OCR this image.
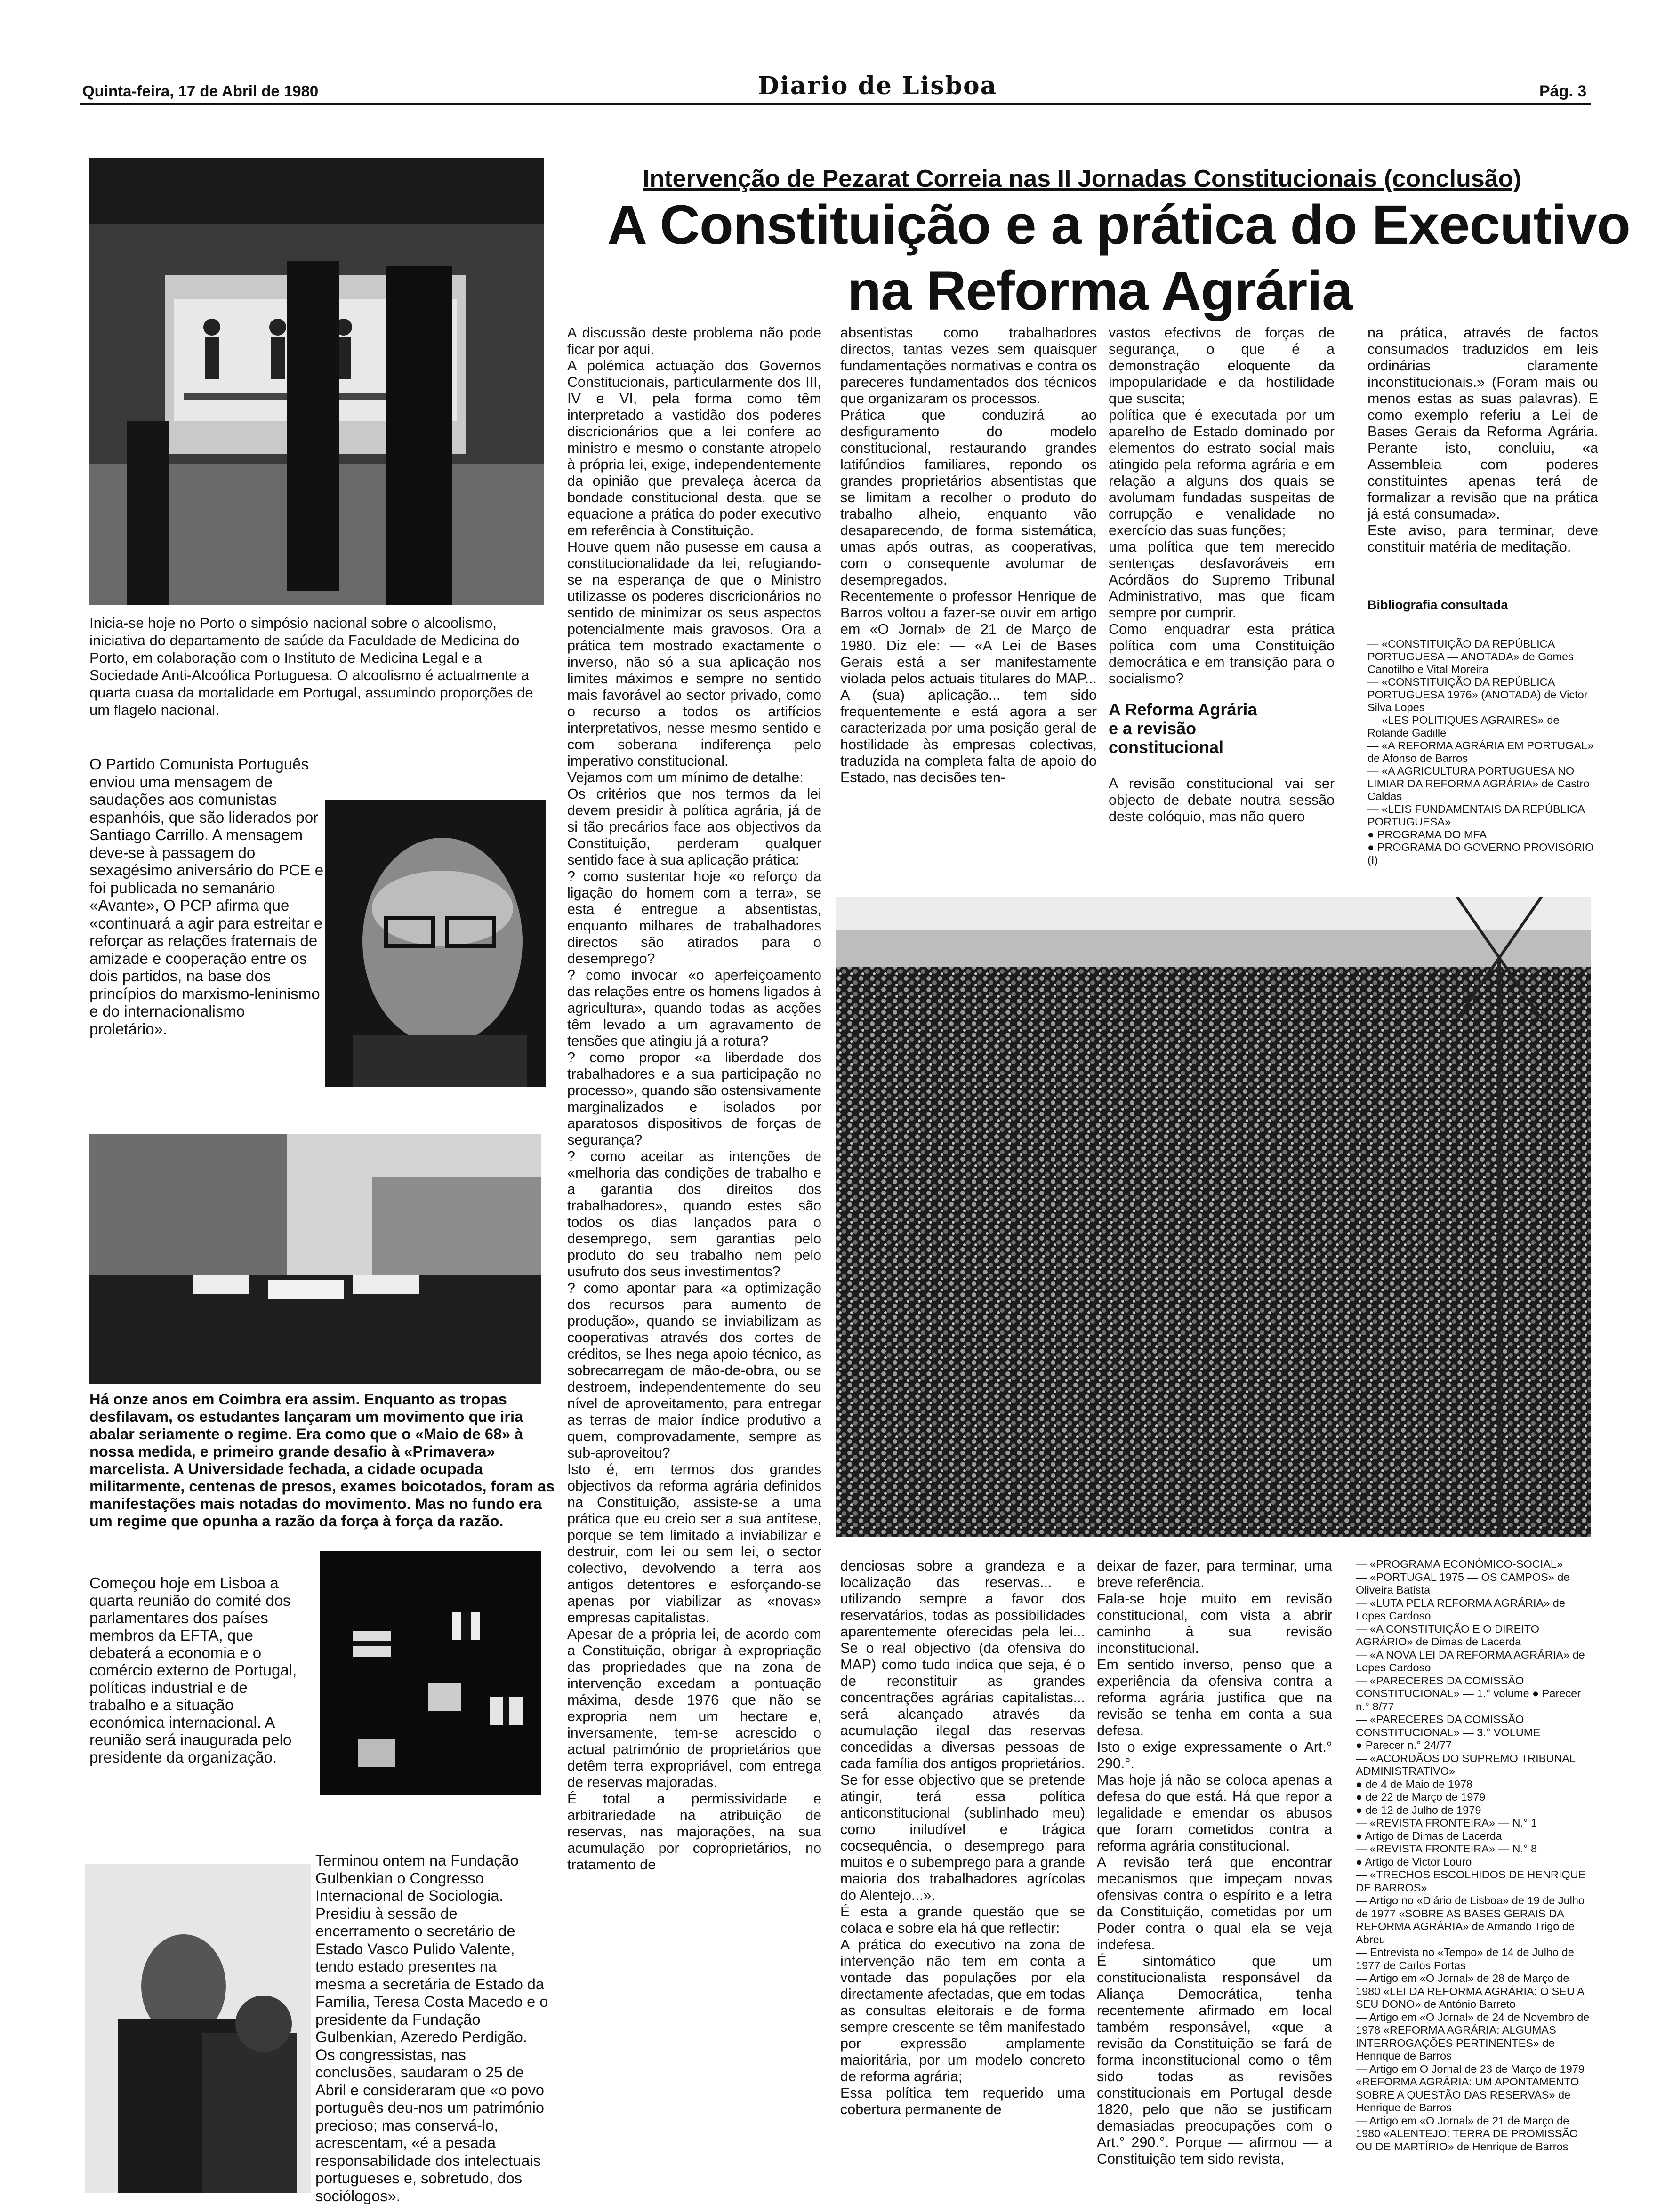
Quinta-feira, 17 de Abril de 1980	Diario de Lisboa	Pág. 3
Inicia-se hoje no Porto o simpósio nacional sobre o alcoolismo, iniciativa do departamento de saúde da Faculdade de Medicina do Porto, em colaboração com o Instituto de Medicina Legal e a Sociedade Anti-Alcoólica Portuguesa. O alcoolismo é actualmente a quarta cuasa da mortalidade em Portugal, assumindo proporções de um flagelo nacional.
O Partido Comunista Português enviou uma mensagem de saudações aos comunistas espanhóis, que são liderados por Santiago Carrillo. A mensagem deve-se à passagem do sexagésimo aniversário do PCE e foi publicada no semanário «Avante», O PCP afirma que «continuará a agir para estreitar e reforçar as relações fraternais de amizade e cooperação entre os dois partidos, na base dos princípios do marxismo-leninismo e do internacionalismo proletário».
Há onze anos em Coimbra era assim. Enquanto as tropas desfilavam, os estudantes lançaram um movimento que iria abalar seriamente o regime. Era como que o «Maio de 68» à nossa medida, e primeiro grande desafio à «Primavera» marcelista. A Universidade fechada, a cidade ocupada militarmente, centenas de presos, exames boicotados, foram as manifestações mais notadas do movimento. Mas no fundo era um regime que opunha a razão da força à força da razão.
Começou hoje em Lisboa a quarta reunião do comité dos parlamentares dos países membros da EFTA, que debaterá a economia e o comércio externo de Portugal, políticas industrial e de trabalho e a situação económica internacional. A reunião será inaugurada pelo presidente da organização.
Terminou ontem na Fundação Gulbenkian o Congresso Internacional de Sociologia. Presidiu à sessão de encerramento o secretário de Estado Vasco Pulido Valente, tendo estado presentes na mesma a secretária de Estado da Família, Teresa Costa Macedo e o presidente da Fundação Gulbenkian, Azeredo Perdigão. Os congressistas, nas conclusões, saudaram o 25 de Abril e consideraram que «o povo português deu-nos um património precioso; mas conservá-lo, acrescentam, «é a pesada responsabilidade dos intelectuais portugueses e, sobretudo, dos sociólogos».
Intervenção de Pezarat Correia nas II Jornadas Constitucionais (conclusão)
A Constituição e a prática do Executivo
na Reforma Agrária

A discussão deste problema não pode ficar por aqui.
A polémica actuação dos Governos Constitucionais, particularmente dos III, IV e VI, pela forma como têm interpretado a vastidão dos poderes discricionários que a lei confere ao ministro e mesmo o constante atropelo à própria lei, exige, independentemente da opinião que prevaleça àcerca da bondade constitucional desta, que se equacione a prática do poder executivo em referência à Constituição.
Houve quem não pusesse em causa a constitucionalidade da lei, refugiando-se na esperança de que o Ministro utilizasse os poderes discricionários no sentido de minimizar os seus aspectos potencialmente mais gravosos. Ora a prática tem mostrado exactamente o inverso, não só a sua aplicação nos limites máximos e sempre no sentido mais favorável ao sector privado, como o recurso a todos os artifícios interpretativos, nesse mesmo sentido e com soberana indiferença pelo imperativo constitucional.
Vejamos com um mínimo de detalhe:
Os critérios que nos termos da lei devem presidir à política agrária, já de si tão precários face aos objectivos da Constituição, perderam qualquer sentido face à sua aplicação prática:
? como sustentar hoje «o reforço da ligação do homem com a terra», se esta é entregue a absentistas, enquanto milhares de trabalhadores directos são atirados para o desemprego?
? como invocar «o aperfeiçoamento das relações entre os homens ligados à agricultura», quando todas as acções têm levado a um agravamento de tensões que atingiu já a rotura?
? como propor «a liberdade dos trabalhadores e a sua participação no processo», quando são ostensivamente marginalizados e isolados por aparatosos dispositivos de forças de segurança?
? como aceitar as intenções de «melhoria das condições de trabalho e a garantia dos direitos dos trabalhadores», quando estes são todos os dias lançados para o desemprego, sem garantias pelo produto do seu trabalho nem pelo usufruto dos seus investimentos?
? como apontar para «a optimização dos recursos para aumento de produção», quando se inviabilizam as cooperativas através dos cortes de créditos, se lhes nega apoio técnico, as sobrecarregam de mão-de-obra, ou se destroem, independentemente do seu nível de aproveitamento, para entregar as terras de maior índice produtivo a quem, comprovadamente, sempre as sub-aproveitou?
Isto é, em termos dos grandes objectivos da reforma agrária definidos na Constituição, assiste-se a uma prática que eu creio ser a sua antítese, porque se tem limitado a inviabilizar e destruir, com lei ou sem lei, o sector colectivo, devolvendo a terra aos antigos detentores e esforçando-se apenas por viabilizar as «novas» empresas capitalistas.
Apesar de a própria lei, de acordo com a Constituição, obrigar à expropriação das propriedades que na zona de intervenção excedam a pontuação máxima, desde 1976 que não se expropria nem um hectare e, inversamente, tem-se acrescido o actual património de proprietários que detêm terra expropriável, com entrega de reservas majoradas.
É total a permissividade e arbitrariedade na atribuição de reservas, nas majorações, na sua acumulação por coproprietários, no tratamento de

absentistas como trabalhadores directos, tantas vezes sem quaisquer fundamentações normativas e contra os pareceres fundamentados dos técnicos que organizaram os processos.
Prática que conduzirá ao desfiguramento do modelo constitucional, restaurando grandes latifúndios familiares, repondo os grandes proprietários absentistas que se limitam a recolher o produto do trabalho alheio, enquanto vão desaparecendo, de forma sistemática, umas após outras, as cooperativas, com o consequente avolumar de desempregados.
Recentemente o professor Henrique de Barros voltou a fazer-se ouvir em artigo em «O Jornal» de 21 de Março de 1980. Diz ele: — «A Lei de Bases Gerais está a ser manifestamente violada pelos actuais titulares do MAP... A (sua) aplicação... tem sido frequentemente e está agora a ser caracterizada por uma posição geral de hostilidade às empresas colectivas, traduzida na completa falta de apoio do Estado, nas decisões ten-

vastos efectivos de forças de segurança, o que é a demonstração eloquente da impopularidade e da hostilidade que suscita;
política que é executada por um aparelho de Estado dominado por elementos do estrato social mais atingido pela reforma agrária e em relação a alguns dos quais se avolumam fundadas suspeitas de corrupção e venalidade no exercício das suas funções;
uma política que tem merecido sentenças desfavoráveis em Acórdãos do Supremo Tribunal Administrativo, mas que ficam sempre por cumprir.
Como enquadrar esta prática política com uma Constituição democrática e em transição para o socialismo?

A Reforma Agrária
e a revisão
constitucional

A revisão constitucional vai ser objecto de debate noutra sessão deste colóquio, mas não quero

na prática, através de factos consumados traduzidos em leis ordinárias claramente inconstitucionais.» (Foram mais ou menos estas as suas palavras). E como exemplo referiu a Lei de Bases Gerais da Reforma Agrária. Perante isto, concluiu, «a Assembleia com poderes constituintes apenas terá de formalizar a revisão que na prática já está consumada».
Este aviso, para terminar, deve constituir matéria de meditação.

Bibliografia consultada
— «CONSTITUIÇÃO DA REPÚBLICA PORTUGUESA — ANOTADA» de Gomes Canotilho e Vital Moreira
— «CONSTITUIÇÃO DA REPÚBLICA PORTUGUESA 1976» (ANOTADA) de Victor Silva Lopes
— «LES POLITIQUES AGRAIRES» de Rolande Gadille
— «A REFORMA AGRÁRIA EM PORTUGAL» de Afonso de Barros
— «A AGRICULTURA PORTUGUESA NO LIMIAR DA REFORMA AGRÁRIA» de Castro Caldas
— «LEIS FUNDAMENTAIS DA REPÚBLICA PORTUGUESA»
● PROGRAMA DO MFA
● PROGRAMA DO GOVERNO PROVISÓRIO (I)

denciosas sobre a grandeza e a localização das reservas... e utilizando sempre a favor dos reservatários, todas as possibilidades aparentemente oferecidas pela lei... Se o real objectivo (da ofensiva do MAP) como tudo indica que seja, é o de reconstituir as grandes concentrações agrárias capitalistas... será alcançado através da acumulação ilegal das reservas concedidas a diversas pessoas de cada família dos antigos proprietários. Se for esse objectivo que se pretende atingir, terá essa política anticonstitucional (sublinhado meu) como iniludível e trágica cocsequência, o desemprego para muitos e o subemprego para a grande maioria dos trabalhadores agrícolas do Alentejo...».
É esta a grande questão que se colaca e sobre ela há que reflectir:
A prática do executivo na zona de intervenção não tem em conta a vontade das populações por ela directamente afectadas, que em todas as consultas eleitorais e de forma sempre crescente se têm manifestado por expressão amplamente maioritária, por um modelo concreto de reforma agrária;
Essa política tem requerido uma cobertura permanente de

deixar de fazer, para terminar, uma breve referência.
Fala-se hoje muito em revisão constitucional, com vista a abrir caminho à sua revisão inconstitucional.
Em sentido inverso, penso que a experiência da ofensiva contra a reforma agrária justifica que na revisão se tenha em conta a sua defesa.
Isto o exige expressamente o Art.° 290.°.
Mas hoje já não se coloca apenas a defesa do que está. Há que repor a legalidade e emendar os abusos que foram cometidos contra a reforma agrária constitucional.
A revisão terá que encontrar mecanismos que impeçam novas ofensivas contra o espírito e a letra da Constituição, cometidas por um Poder contra o qual ela se veja indefesa.
É sintomático que um constitucionalista responsável da Aliança Democrática, tenha recentemente afirmado em local também responsável, «que a revisão da Constituição se fará de forma inconstitucional como o têm sido todas as revisões constitucionais em Portugal desde 1820, pelo que não se justificam demasiadas preocupações com o Art.° 290.°. Porque — afirmou — a Constituição tem sido revista,

— «PROGRAMA ECONÓMICO-SOCIAL»
— «PORTUGAL 1975 — OS CAMPOS» de Oliveira Batista
— «LUTA PELA REFORMA AGRÁRIA» de Lopes Cardoso
— «A CONSTITUIÇÃO E O DIREITO AGRÁRIO» de Dimas de Lacerda
— «A NOVA LEI DA REFORMA AGRÁRIA» de Lopes Cardoso
— «PARECERES DA COMISSÃO CONSTITUCIONAL» — 1.° volume ● Parecer n.° 8/77
— «PARECERES DA COMISSÃO CONSTITUCIONAL» — 3.° VOLUME
● Parecer n.° 24/77
— «ACORDÃOS DO SUPREMO TRIBUNAL ADMINISTRATIVO»
● de 4 de Maio de 1978
● de 22 de Março de 1979
● de 12 de Julho de 1979
— «REVISTA FRONTEIRA» — N.° 1
● Artigo de Dimas de Lacerda
— «REVISTA FRONTEIRA» — N.° 8
● Artigo de Victor Louro
— «TRECHOS ESCOLHIDOS DE HENRIQUE DE BARROS»
— Artigo no «Diário de Lisboa» de 19 de Julho de 1977 «SOBRE AS BASES GERAIS DA REFORMA AGRÁRIA» de Armando Trigo de Abreu
— Entrevista no «Tempo» de 14 de Julho de 1977 de Carlos Portas
— Artigo em «O Jornal» de 28 de Março de 1980 «LEI DA REFORMA AGRÁRIA: O SEU A SEU DONO» de António Barreto
— Artigo em «O Jornal» de 24 de Novembro de 1978 «REFORMA AGRÁRIA: ALGUMAS INTERROGAÇÕES PERTINENTES» de Henrique de Barros
— Artigo em O Jornal de 23 de Março de 1979 «REFORMA AGRÁRIA: UM APONTAMENTO SOBRE A QUESTÃO DAS RESERVAS» de Henrique de Barros
— Artigo em «O Jornal» de 21 de Março de 1980 «ALENTEJO: TERRA DE PROMISSÃO OU DE MARTÍRIO» de Henrique de Barros
